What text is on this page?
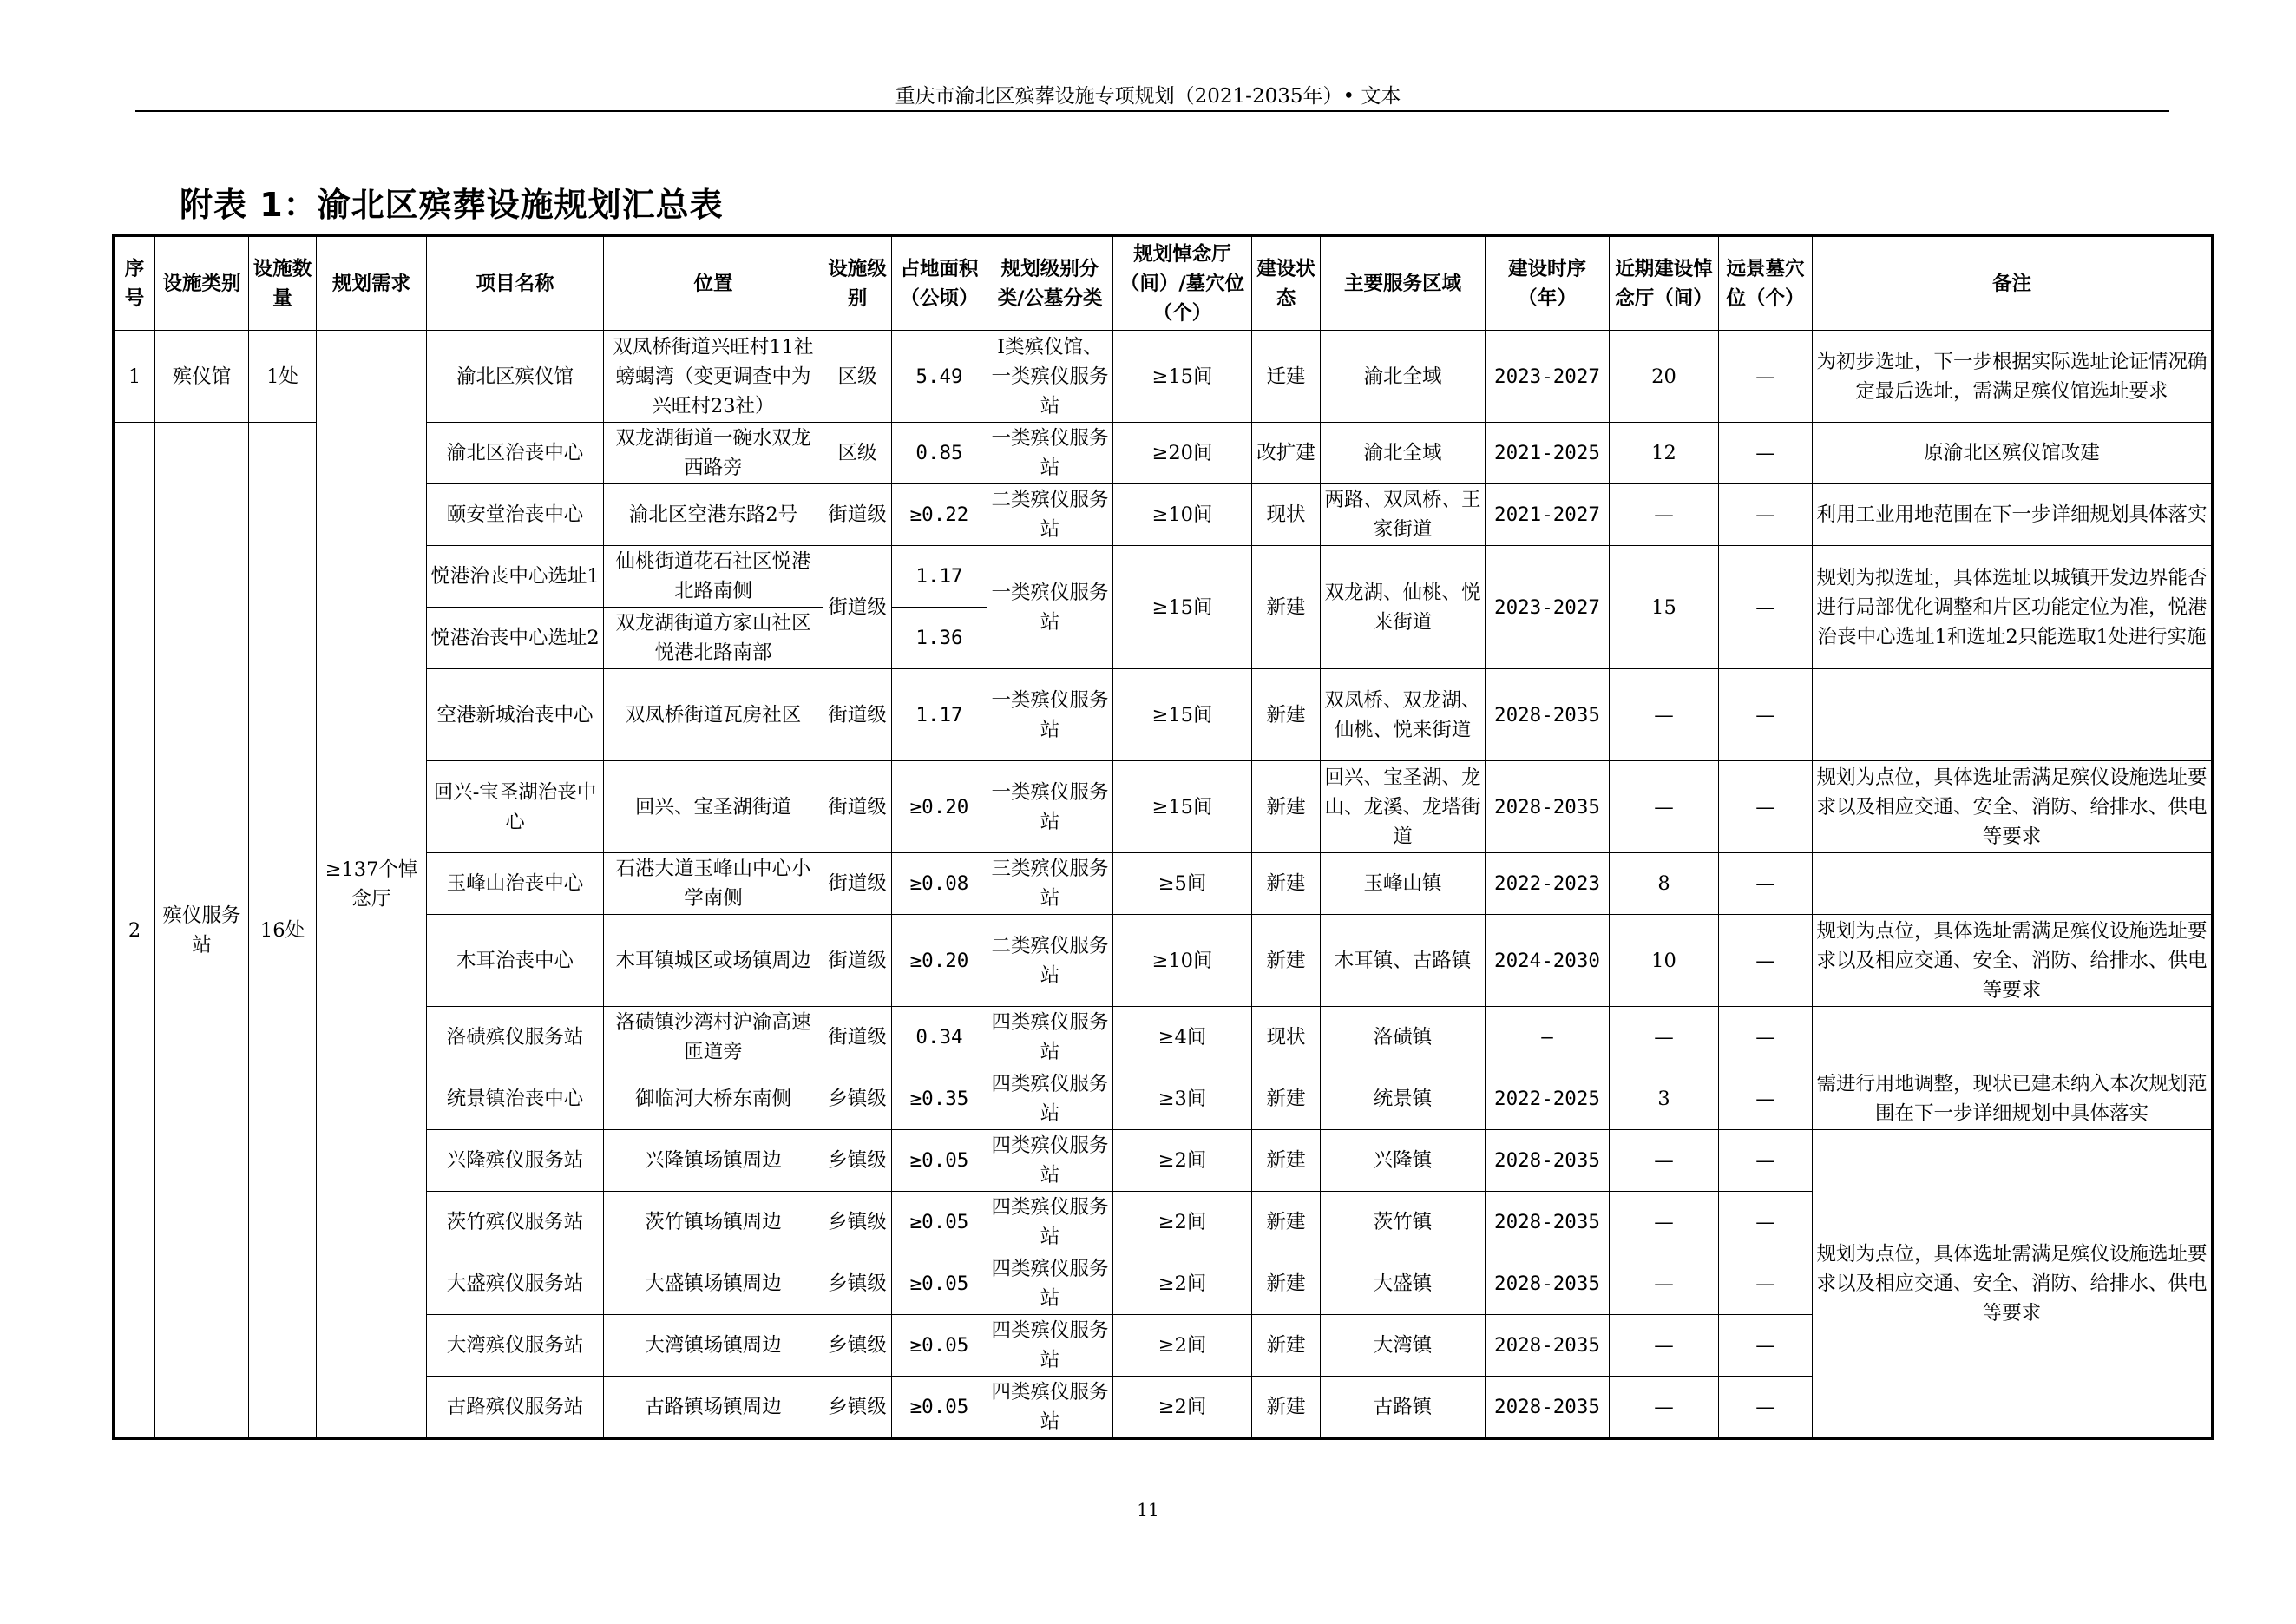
重庆市渝北区殡葬设施专项规划（2021-2035年）• 文本
附表 1：渝北区殡葬设施规划汇总表
序号	设施类别	设施数量	规划需求	项目名称	位置	设施级别	占地面积（公顷）	规划级别分类/公墓分类	规划悼念厅（间）/墓穴位（个）	建设状态	主要服务区域	建设时序（年）	近期建设悼念厅（间）	远景墓穴位（个）	备注
1	殡仪馆	1处	≥137个悼念厅	渝北区殡仪馆	双凤桥街道兴旺村11社螃蝎湾（变更调查中为兴旺村23社）	区级	5.49	Ⅰ类殡仪馆、一类殡仪服务站	≥15间	迁建	渝北全域	2023-2027	20	—	为初步选址，下一步根据实际选址论证情况确定最后选址，需满足殡仪馆选址要求
2	殡仪服务站	16处		渝北区治丧中心	双龙湖街道一碗水双龙西路旁	区级	0.85	一类殡仪服务站	≥20间	改扩建	渝北全域	2021-2025	12	—	原渝北区殡仪馆改建
				颐安堂治丧中心	渝北区空港东路2号	街道级	≥0.22	二类殡仪服务站	≥10间	现状	两路、双凤桥、王家街道	2021-2027	—	—	利用工业用地范围在下一步详细规划具体落实
				悦港治丧中心选址1	仙桃街道花石社区悦港北路南侧	街道级	1.17	一类殡仪服务站	≥15间	新建	双龙湖、仙桃、悦来街道	2023-2027	15	—	规划为拟选址，具体选址以城镇开发边界能否进行局部优化调整和片区功能定位为准，悦港治丧中心选址1和选址2只能选取1处进行实施
				悦港治丧中心选址2	双龙湖街道方家山社区悦港北路南部		1.36								
				空港新城治丧中心	双凤桥街道瓦房社区	街道级	1.17	一类殡仪服务站	≥15间	新建	双凤桥、双龙湖、仙桃、悦来街道	2028-2035	—	—	
				回兴-宝圣湖治丧中心	回兴、宝圣湖街道	街道级	≥0.20	一类殡仪服务站	≥15间	新建	回兴、宝圣湖、龙山、龙溪、龙塔街道	2028-2035	—	—	规划为点位，具体选址需满足殡仪设施选址要求以及相应交通、安全、消防、给排水、供电等要求
				玉峰山治丧中心	石港大道玉峰山中心小学南侧	街道级	≥0.08	三类殡仪服务站	≥5间	新建	玉峰山镇	2022-2023	8	—	
				木耳治丧中心	木耳镇城区或场镇周边	街道级	≥0.20	二类殡仪服务站	≥10间	新建	木耳镇、古路镇	2024-2030	10	—	规划为点位，具体选址需满足殡仪设施选址要求以及相应交通、安全、消防、给排水、供电等要求
				洛碛殡仪服务站	洛碛镇沙湾村沪渝高速匝道旁	街道级	0.34	四类殡仪服务站	≥4间	现状	洛碛镇	—	—	—	
				统景镇治丧中心	御临河大桥东南侧	乡镇级	≥0.35	四类殡仪服务站	≥3间	新建	统景镇	2022-2025	3	—	需进行用地调整，现状已建未纳入本次规划范围在下一步详细规划中具体落实
				兴隆殡仪服务站	兴隆镇场镇周边	乡镇级	≥0.05	四类殡仪服务站	≥2间	新建	兴隆镇	2028-2035	—	—	规划为点位，具体选址需满足殡仪设施选址要求以及相应交通、安全、消防、给排水、供电等要求
				茨竹殡仪服务站	茨竹镇场镇周边	乡镇级	≥0.05	四类殡仪服务站	≥2间	新建	茨竹镇	2028-2035	—	—	
				大盛殡仪服务站	大盛镇场镇周边	乡镇级	≥0.05	四类殡仪服务站	≥2间	新建	大盛镇	2028-2035	—	—	
				大湾殡仪服务站	大湾镇场镇周边	乡镇级	≥0.05	四类殡仪服务站	≥2间	新建	大湾镇	2028-2035	—	—	
				古路殡仪服务站	古路镇场镇周边	乡镇级	≥0.05	四类殡仪服务站	≥2间	新建	古路镇	2028-2035	—	—	
11
